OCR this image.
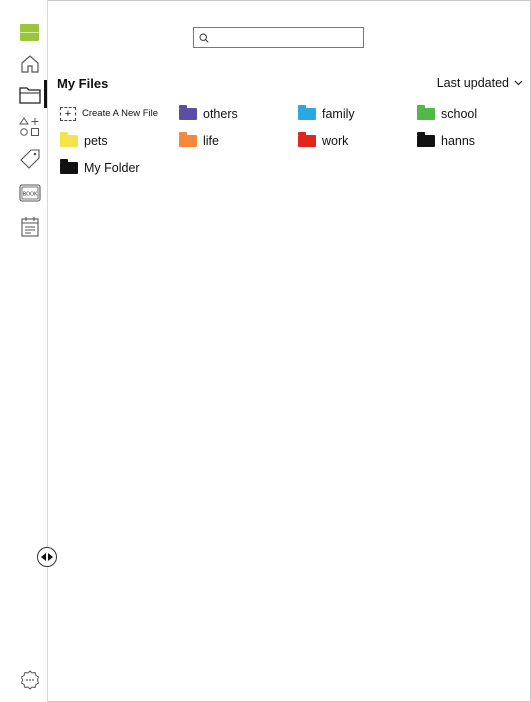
BOOK
My Files	Last updated
+	Create A New File	others	family	school
pets	life	work	hanns
My Folder
